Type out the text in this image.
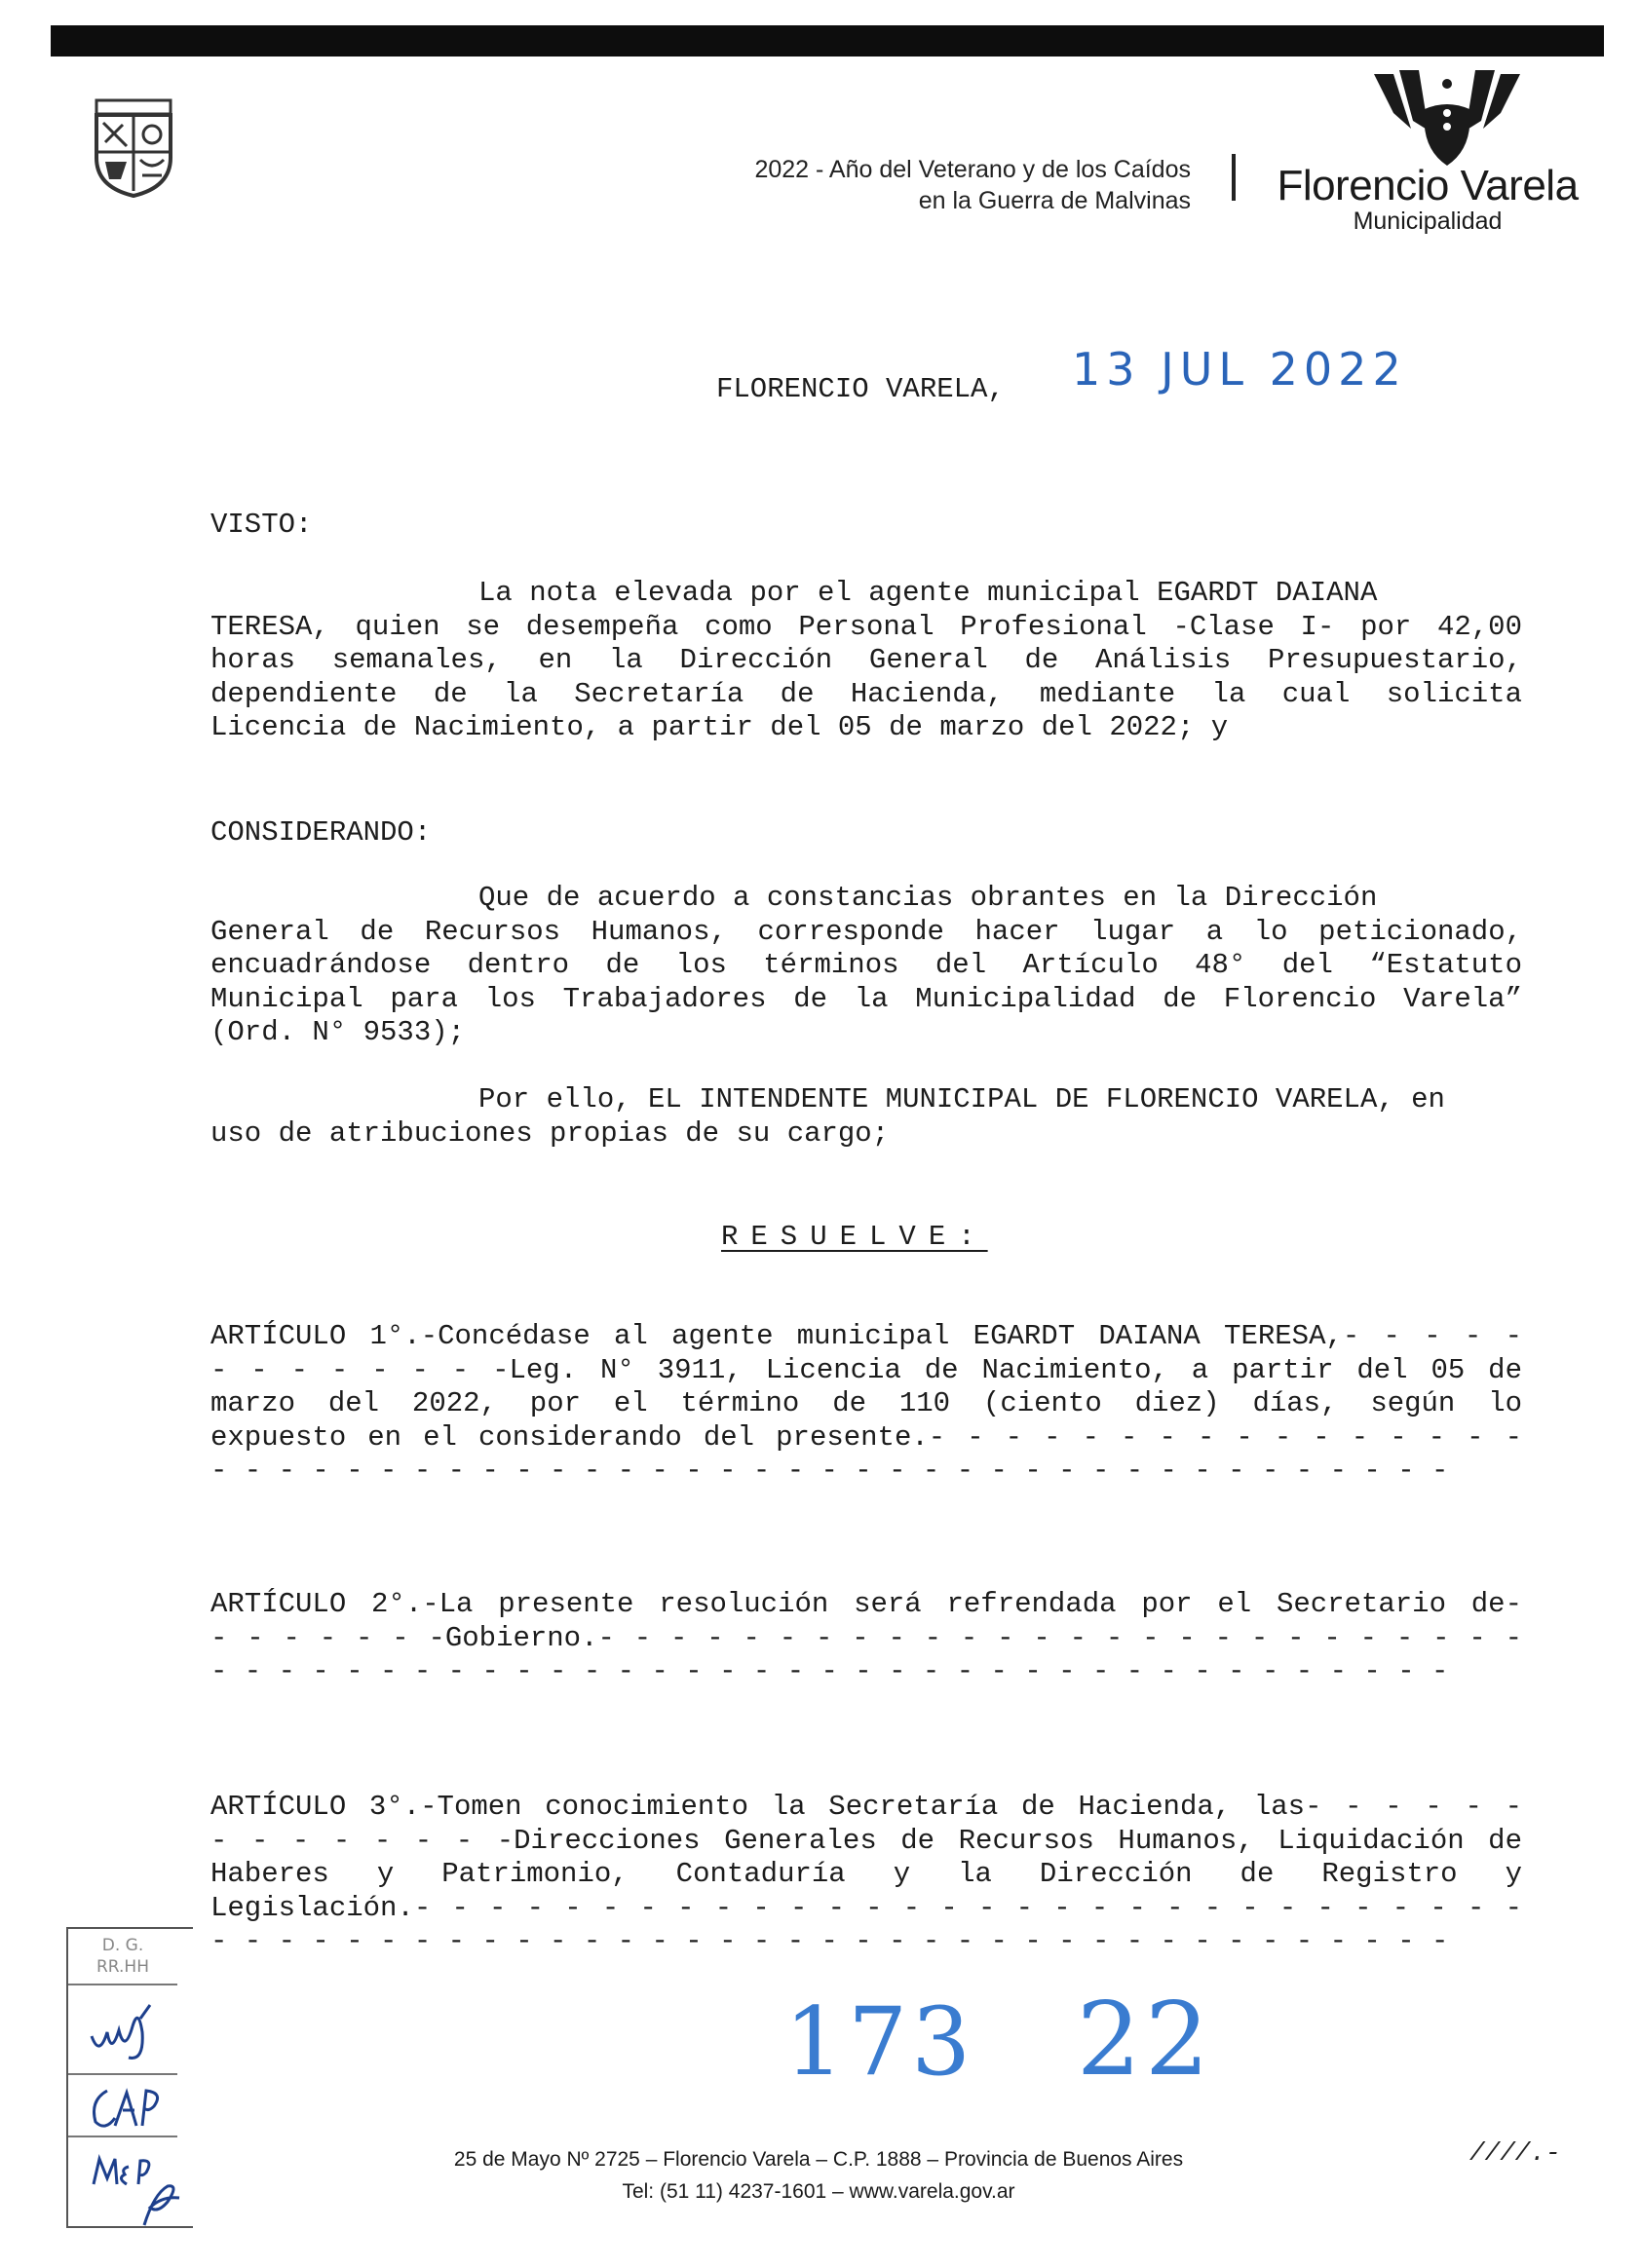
2022 - Año del Veterano y de los Caídos
en la Guerra de Malvinas Florencio Varela
Municipalidad
FLORENCIO VARELA, 13 JUL 2022
VISTO:
La nota elevada por el agente municipal EGARDT DAIANA
TERESA, quien se desempeña como Personal Profesional -Clase I- por 42,00
horas semanales, en la Dirección General de Análisis Presupuestario,
dependiente de la Secretaría de Hacienda, mediante la cual solicita
Licencia de Nacimiento, a partir del 05 de marzo del 2022; y
CONSIDERANDO:
Que de acuerdo a constancias obrantes en la Dirección
General de Recursos Humanos, corresponde hacer lugar a lo peticionado,
encuadrándose dentro de los términos del Artículo 48° del “Estatuto
Municipal para los Trabajadores de la Municipalidad de Florencio Varela”
(Ord. N° 9533);
Por ello, EL INTENDENTE MUNICIPAL DE FLORENCIO VARELA, en
uso de atribuciones propias de su cargo;
RESUELVE:
ARTÍCULO 1°.-Concédase al agente municipal EGARDT DAIANA TERESA,- - - - -
- - - - - - - -Leg. N° 3911, Licencia de Nacimiento, a partir del 05 de
marzo del 2022, por el término de 110 (ciento diez) días, según lo
expuesto en el considerando del presente.- - - - - - - - - - - - - - - -
- - - - - - - - - - - - - - - - - - - - - - - - - - - - - - - - - - - - -
ARTÍCULO 2°.-La presente resolución será refrendada por el Secretario de-
- - - - - - -Gobierno.- - - - - - - - - - - - - - - - - - - - - - - - - -
- - - - - - - - - - - - - - - - - - - - - - - - - - - - - - - - - - - - -
ARTÍCULO 3°.-Tomen conocimiento la Secretaría de Hacienda, las- - - - - -
- - - - - - - -Direcciones Generales de Recursos Humanos, Liquidación de
Haberes y Patrimonio, Contaduría y la Dirección de Registro y
Legislación.- - - - - - - - - - - - - - - - - - - - - - - - - - - - - -
- - - - - - - - - - - - - - - - - - - - - - - - - - - - - - - - - - - - -
173 22
D. G.
RR.HH
25 de Mayo Nº 2725 – Florencio Varela – C.P. 1888 – Provincia de Buenos Aires
Tel: (51 11) 4237-1601 – www.varela.gov.ar
////.-
